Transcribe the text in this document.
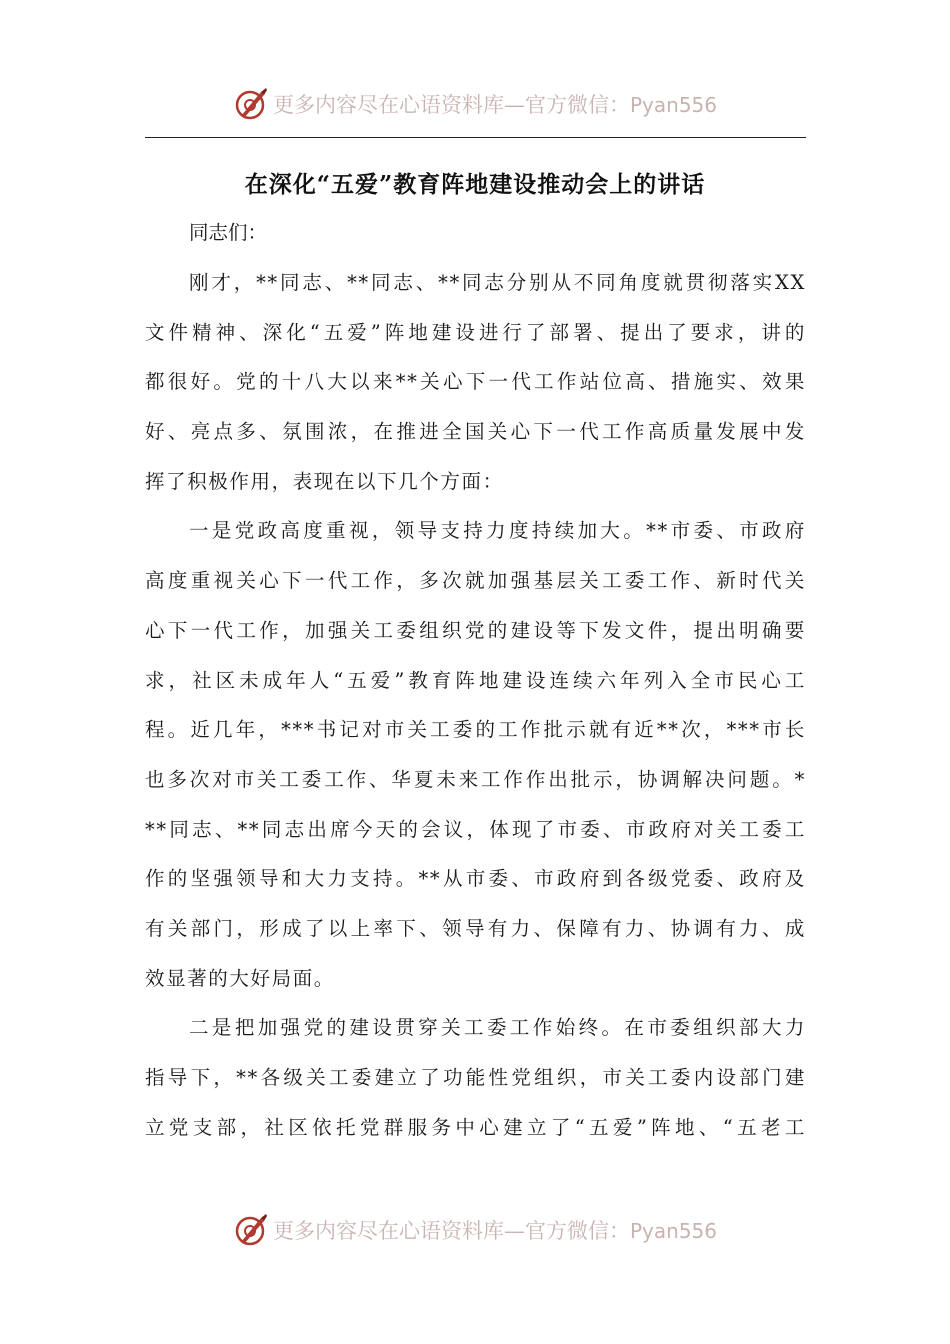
更多内容尽在心语资料库—官方微信：Pyan556
在深化“五爱”教育阵地建设推动会上的讲话

同志们：

刚才，**同志、**同志、**同志分别从不同角度就贯彻落实XX
文件精神、深化“五爱”阵地建设进行了部署、提出了要求，讲的
都很好。党的十八大以来**关心下一代工作站位高、措施实、效果
好、亮点多、氛围浓，在推进全国关心下一代工作高质量发展中发
挥了积极作用，表现在以下几个方面：

一是党政高度重视，领导支持力度持续加大。**市委、市政府
高度重视关心下一代工作，多次就加强基层关工委工作、新时代关
心下一代工作，加强关工委组织党的建设等下发文件，提出明确要
求，社区未成年人“五爱”教育阵地建设连续六年列入全市民心工
程。近几年，***书记对市关工委的工作批示就有近**次，***市长
也多次对市关工委工作、华夏未来工作作出批示，协调解决问题。*
**同志、**同志出席今天的会议，体现了市委、市政府对关工委工
作的坚强领导和大力支持。**从市委、市政府到各级党委、政府及
有关部门，形成了以上率下、领导有力、保障有力、协调有力、成
效显著的大好局面。

二是把加强党的建设贯穿关工委工作始终。在市委组织部大力
指导下，**各级关工委建立了功能性党组织，市关工委内设部门建
立党支部，社区依托党群服务中心建立了“五爱”阵地、“五老工

更多内容尽在心语资料库—官方微信：Pyan556
